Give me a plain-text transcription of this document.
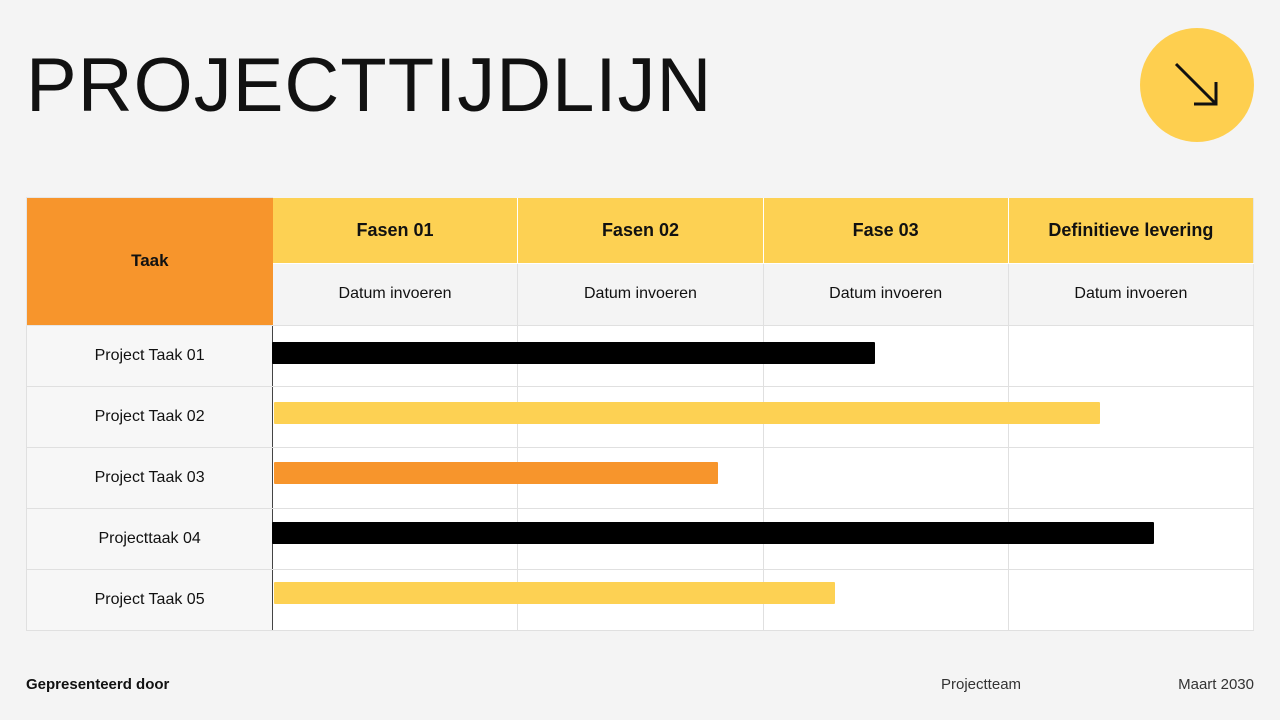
PROJECTTIJDLIJN
Taak	Fasen 01	Fasen 02	Fase 03	Definitieve levering
	Datum invoeren	Datum invoeren	Datum invoeren	Datum invoeren
Project Taak 01				
Project Taak 02				
Project Taak 03				
Projecttaak 04				
Project Taak 05				
Gepresenteerd door	Projectteam	Maart 2030
